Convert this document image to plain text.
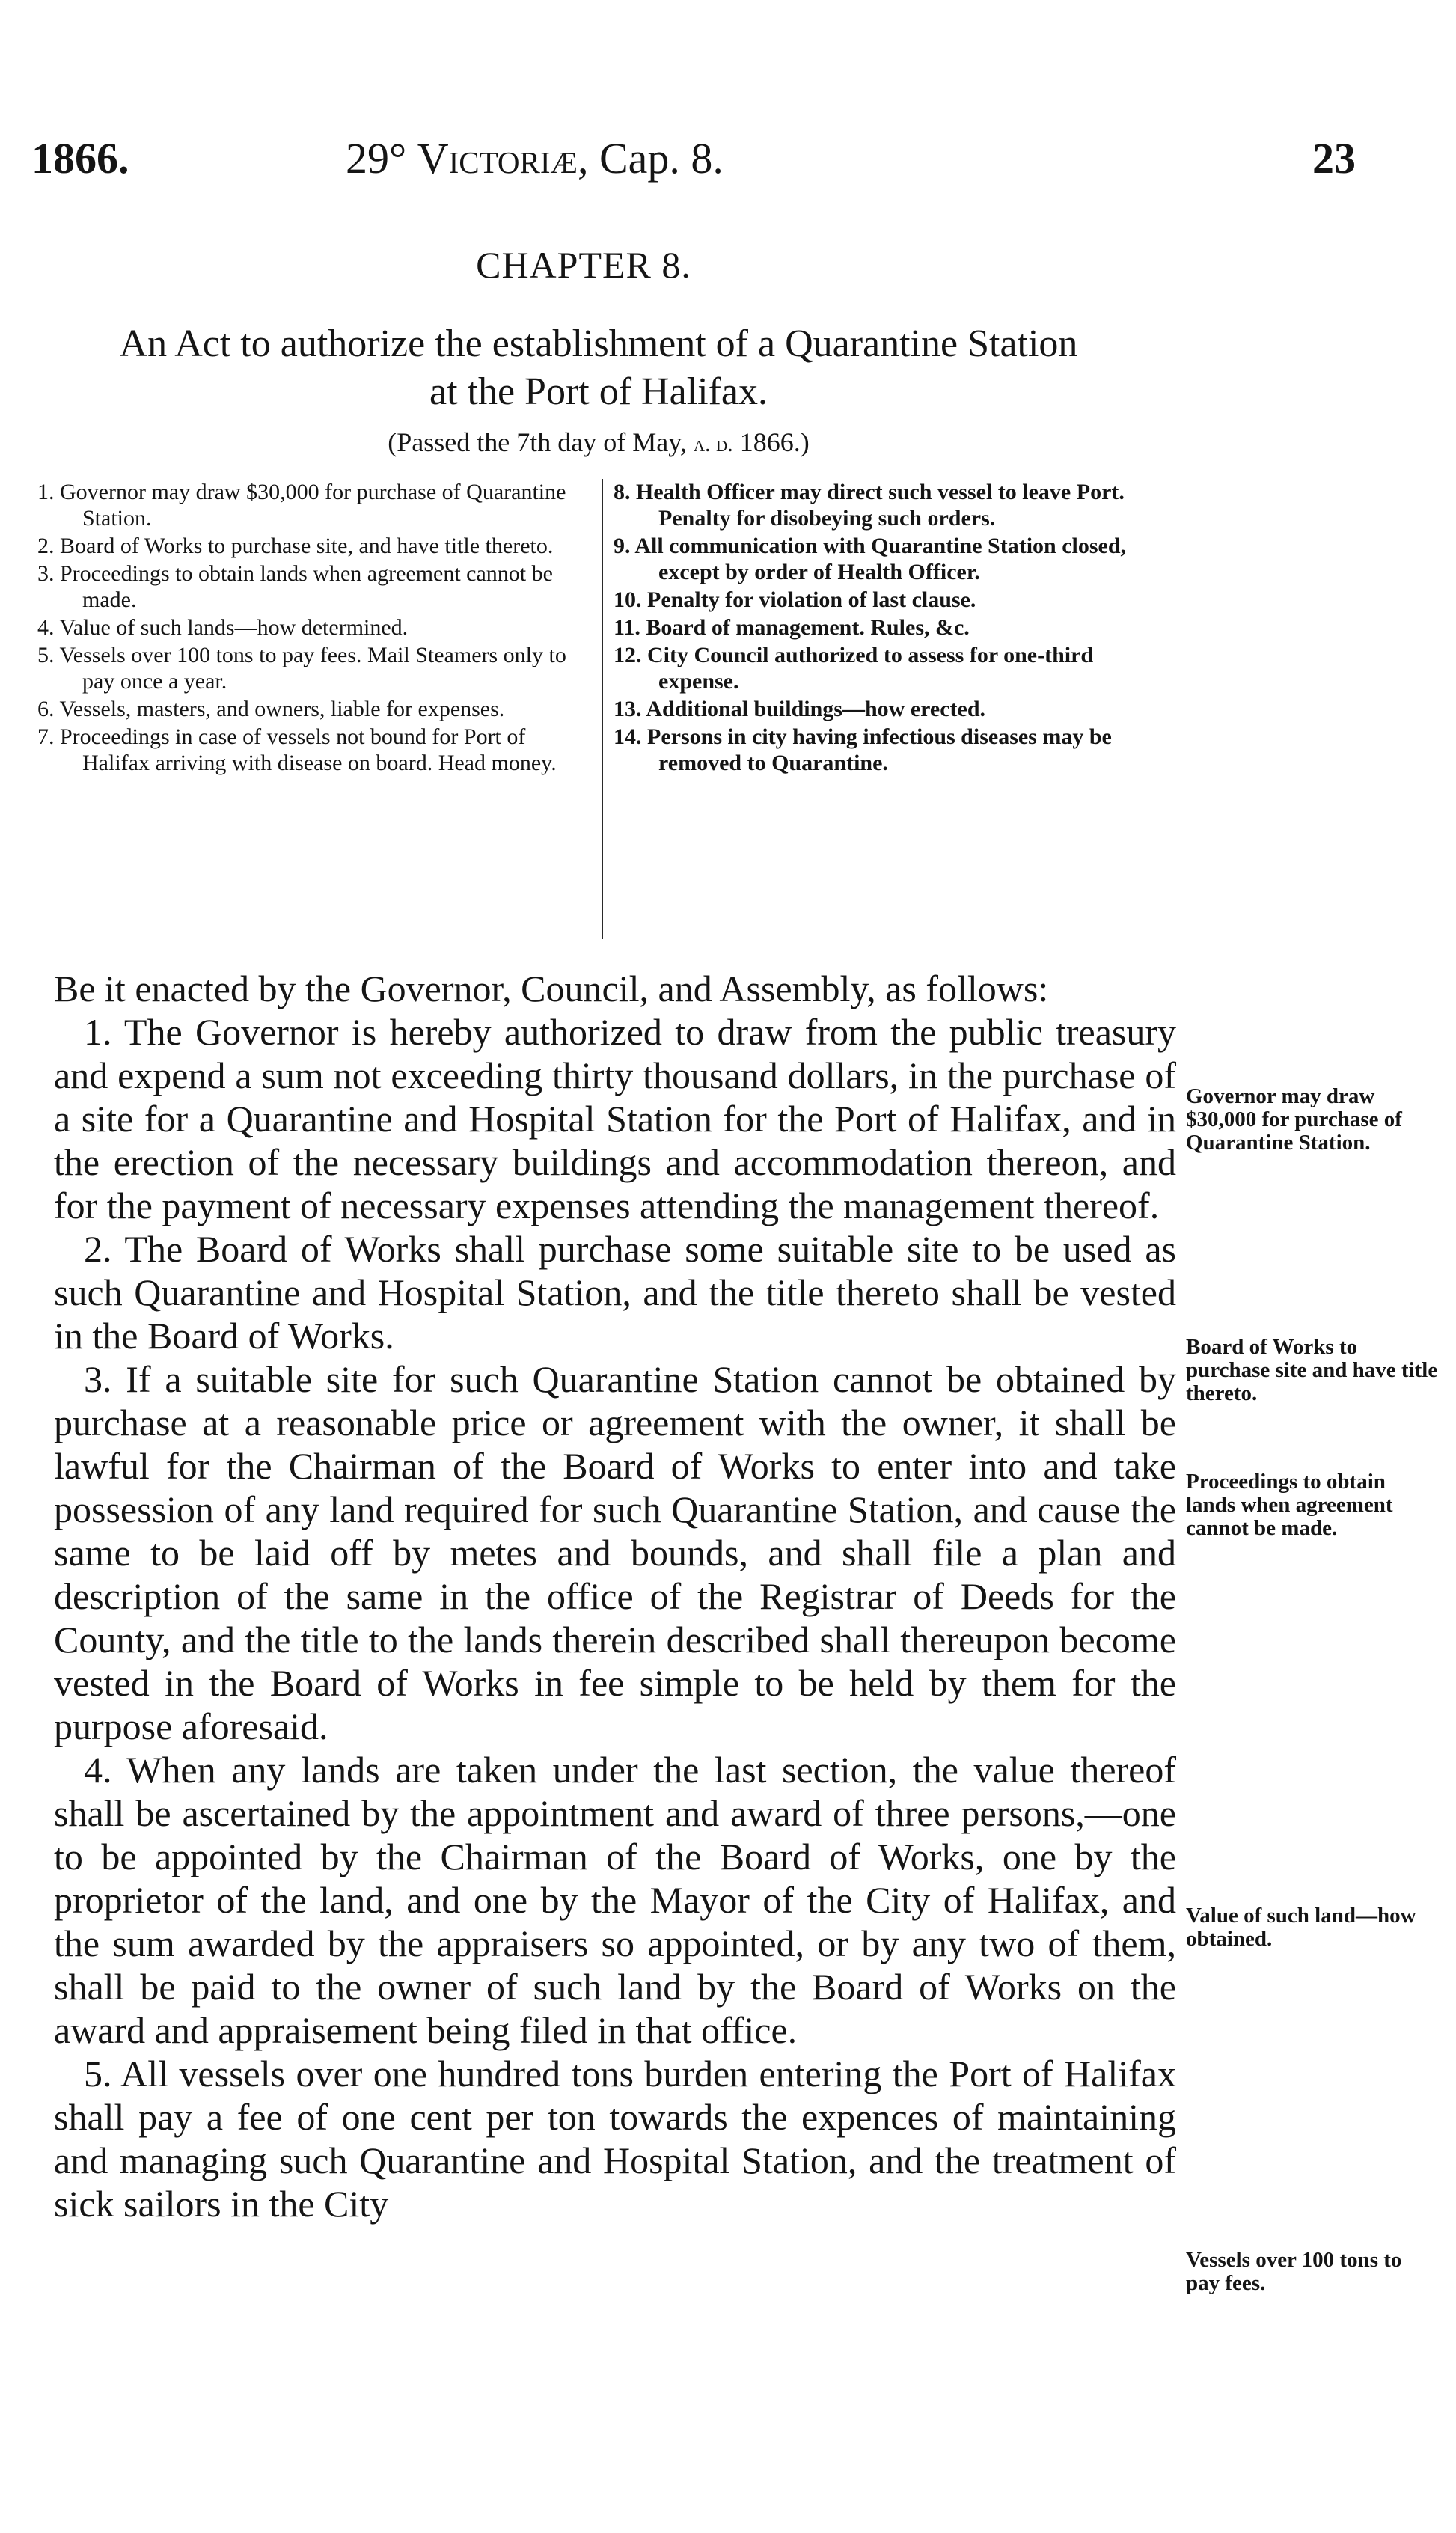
1866.	29° Victoriæ, Cap. 8.	23
CHAPTER 8.
An Act to authorize the establishment of a Quarantine Station
at the Port of Halifax.
(Passed the 7th day of May, a. d. 1866.)

1. Governor may draw $30,000 for purchase of Quarantine Station.

2. Board of Works to purchase site, and have title thereto.

3. Proceedings to obtain lands when agreement cannot be made.

4. Value of such lands—how determined.

5. Vessels over 100 tons to pay fees. Mail Steamers only to pay once a year.

6. Vessels, masters, and owners, liable for expenses.

7. Proceedings in case of vessels not bound for Port of Halifax arriving with disease on board. Head money.

8. Health Officer may direct such vessel to leave Port. Penalty for disobeying such orders.

9. All communication with Quarantine Station closed, except by order of Health Officer.

10. Penalty for violation of last clause.

11. Board of management. Rules, &c.

12. City Council authorized to assess for one-third expense.

13. Additional buildings—how erected.

14. Persons in city having infectious diseases may be removed to Quarantine.

Be it enacted by the Governor, Council, and Assembly, as follows:

1. The Governor is hereby authorized to draw from the public treasury and expend a sum not exceeding thirty thousand dollars, in the purchase of a site for a Quarantine and Hospital Station for the Port of Halifax, and in the erection of the necessary buildings and accommodation thereon, and for the payment of necessary expenses attending the management thereof.

2. The Board of Works shall purchase some suitable site to be used as such Quarantine and Hospital Station, and the title thereto shall be vested in the Board of Works.

3. If a suitable site for such Quarantine Station cannot be obtained by purchase at a reasonable price or agreement with the owner, it shall be lawful for the Chairman of the Board of Works to enter into and take possession of any land required for such Quarantine Station, and cause the same to be laid off by metes and bounds, and shall file a plan and description of the same in the office of the Registrar of Deeds for the County, and the title to the lands therein described shall thereupon become vested in the Board of Works in fee simple to be held by them for the purpose aforesaid.

4. When any lands are taken under the last section, the value thereof shall be ascertained by the appointment and award of three persons,—one to be appointed by the Chairman of the Board of Works, one by the proprietor of the land, and one by the Mayor of the City of Halifax, and the sum awarded by the appraisers so appointed, or by any two of them, shall be paid to the owner of such land by the Board of Works on the award and appraisement being filed in that office.

5. All vessels over one hundred tons burden entering the Port of Halifax shall pay a fee of one cent per ton towards the expences of maintaining and managing such Quarantine and Hospital Station, and the treatment of sick sailors in the City

Governor may draw $30,000 for purchase of Quarantine Station.
Board of Works to purchase site and have title thereto.
Proceedings to obtain lands when agreement cannot be made.
Value of such land—how obtained.
Vessels over 100 tons to pay fees.
